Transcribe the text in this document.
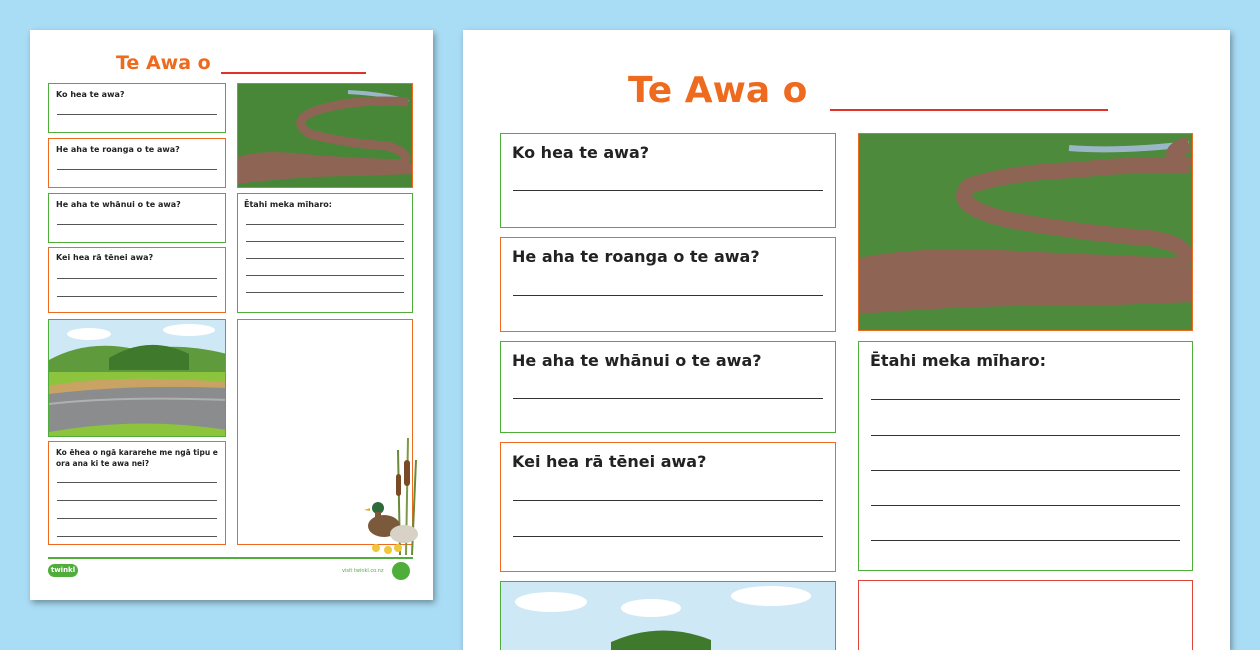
Te Awa o
Ko hea te awa?
He aha te roanga o te awa?
He aha te whānui o te awa?
Kei hea rā tēnei awa?
Ko ēhea o ngā kararehe me ngā tipu e ora ana ki te awa nei?
Ētahi meka mīharo:
twinkl	visit twinkl.co.nz
Te Awa o
Ko hea te awa?
He aha te roanga o te awa?
He aha te whānui o te awa?
Kei hea rā tēnei awa?
Ētahi meka mīharo:
